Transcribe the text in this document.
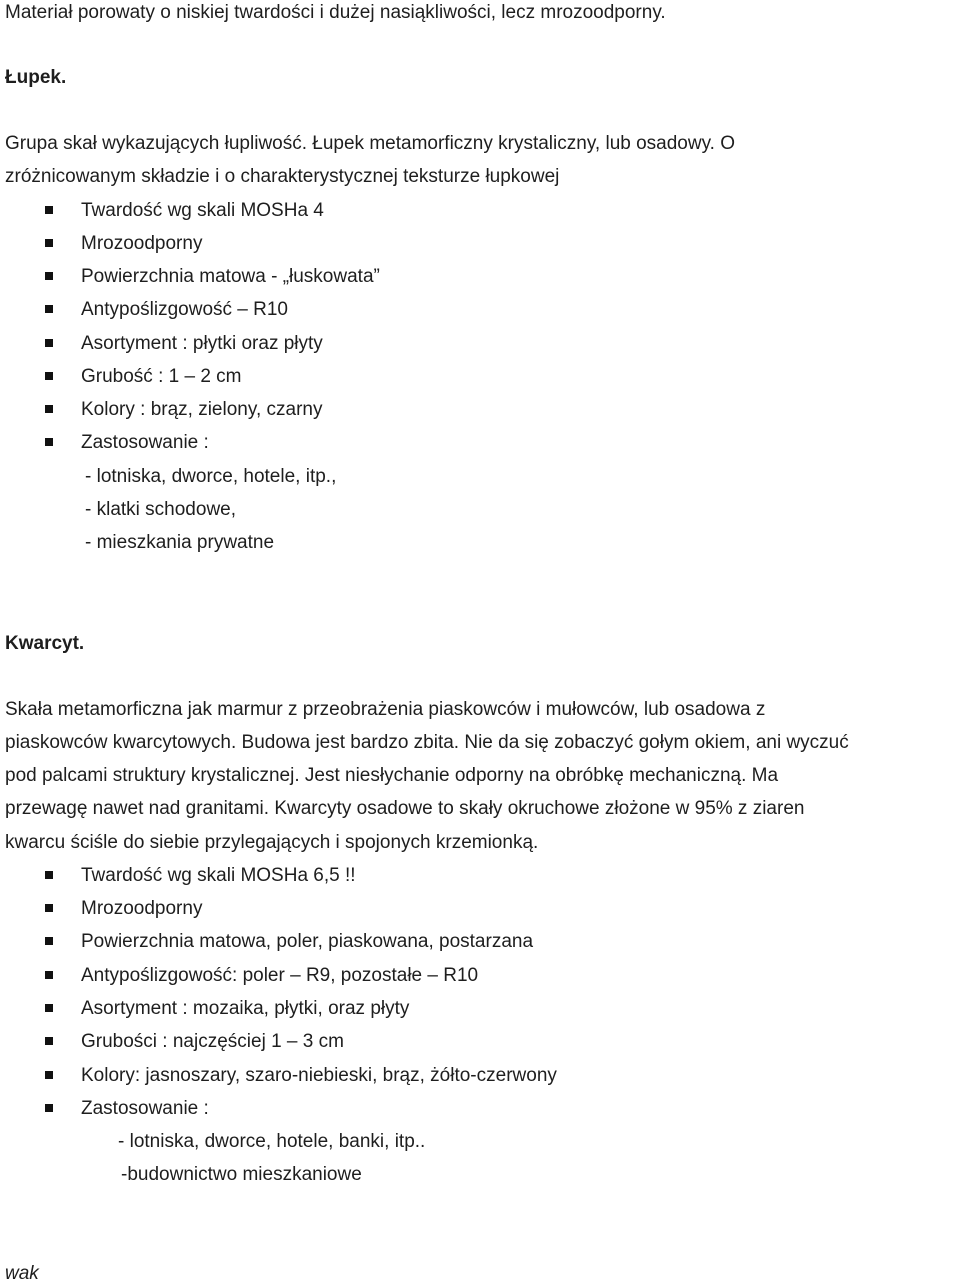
Materiał porowaty o niskiej twardości i dużej nasiąkliwości, lecz mrozoodporny.
Łupek.
Grupa skał wykazujących łupliwość. Łupek metamorficzny krystaliczny, lub osadowy. O
zróżnicowanym składzie i o charakterystycznej teksturze łupkowej
Twardość wg skali MOSHa 4
Mrozoodporny
Powierzchnia matowa - „łuskowata”
Antypoślizgowość – R10
Asortyment : płytki oraz płyty
Grubość : 1 – 2 cm
Kolory : brąz, zielony, czarny
Zastosowanie :
- lotniska, dworce, hotele, itp.,
- klatki schodowe,
- mieszkania prywatne
Kwarcyt.
Skała metamorficzna jak marmur z przeobrażenia piaskowców i mułowców, lub osadowa z
piaskowców kwarcytowych. Budowa jest bardzo zbita. Nie da się zobaczyć gołym okiem, ani wyczuć
pod palcami struktury krystalicznej. Jest niesłychanie odporny na obróbkę mechaniczną. Ma
przewagę nawet nad granitami. Kwarcyty osadowe to skały okruchowe złożone w 95% z ziaren
kwarcu ściśle do siebie przylegających i spojonych krzemionką.
Twardość wg skali MOSHa 6,5 !!
Mrozoodporny
Powierzchnia matowa, poler, piaskowana, postarzana
Antypoślizgowość: poler – R9, pozostałe – R10
Asortyment : mozaika, płytki, oraz płyty
Grubości : najczęściej 1 – 3 cm
Kolory: jasnoszary, szaro-niebieski, brąz, żółto-czerwony
Zastosowanie :
- lotniska, dworce, hotele, banki, itp..
-budownictwo mieszkaniowe
wak
